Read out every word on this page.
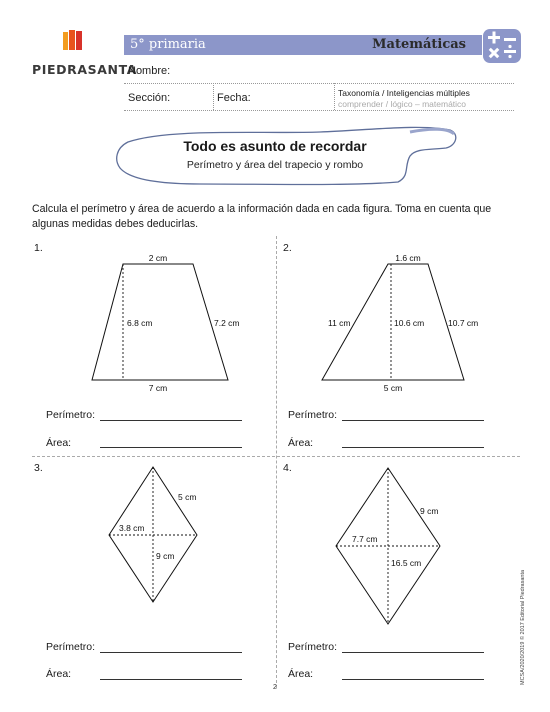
PIEDRASANTA
5° primaria	Matemáticas
Nombre:
Sección:	Fecha:	Taxonomía / Inteligencias múltiples
comprender / lógico – matemático
Todo es asunto de recordar
Perímetro y área del trapecio y rombo
Calcula el perímetro y área de acuerdo a la información dada en cada figura. Toma en cuenta que algunas medidas debes deducirlas.
1.
2 cm
6.8 cm	7.2 cm
7 cm
Perímetro:
Área:
2.
1.6 cm
11 cm	10.6 cm	10.7 cm
5 cm
Perímetro:
Área:
3.
5 cm
3.8 cm
9 cm
Perímetro:
Área:
4.
9 cm
7.7 cm
16.5 cm
Perímetro:
Área:	MCSA/2020/2019 © 2017 Editorial Piedrasanta
2
